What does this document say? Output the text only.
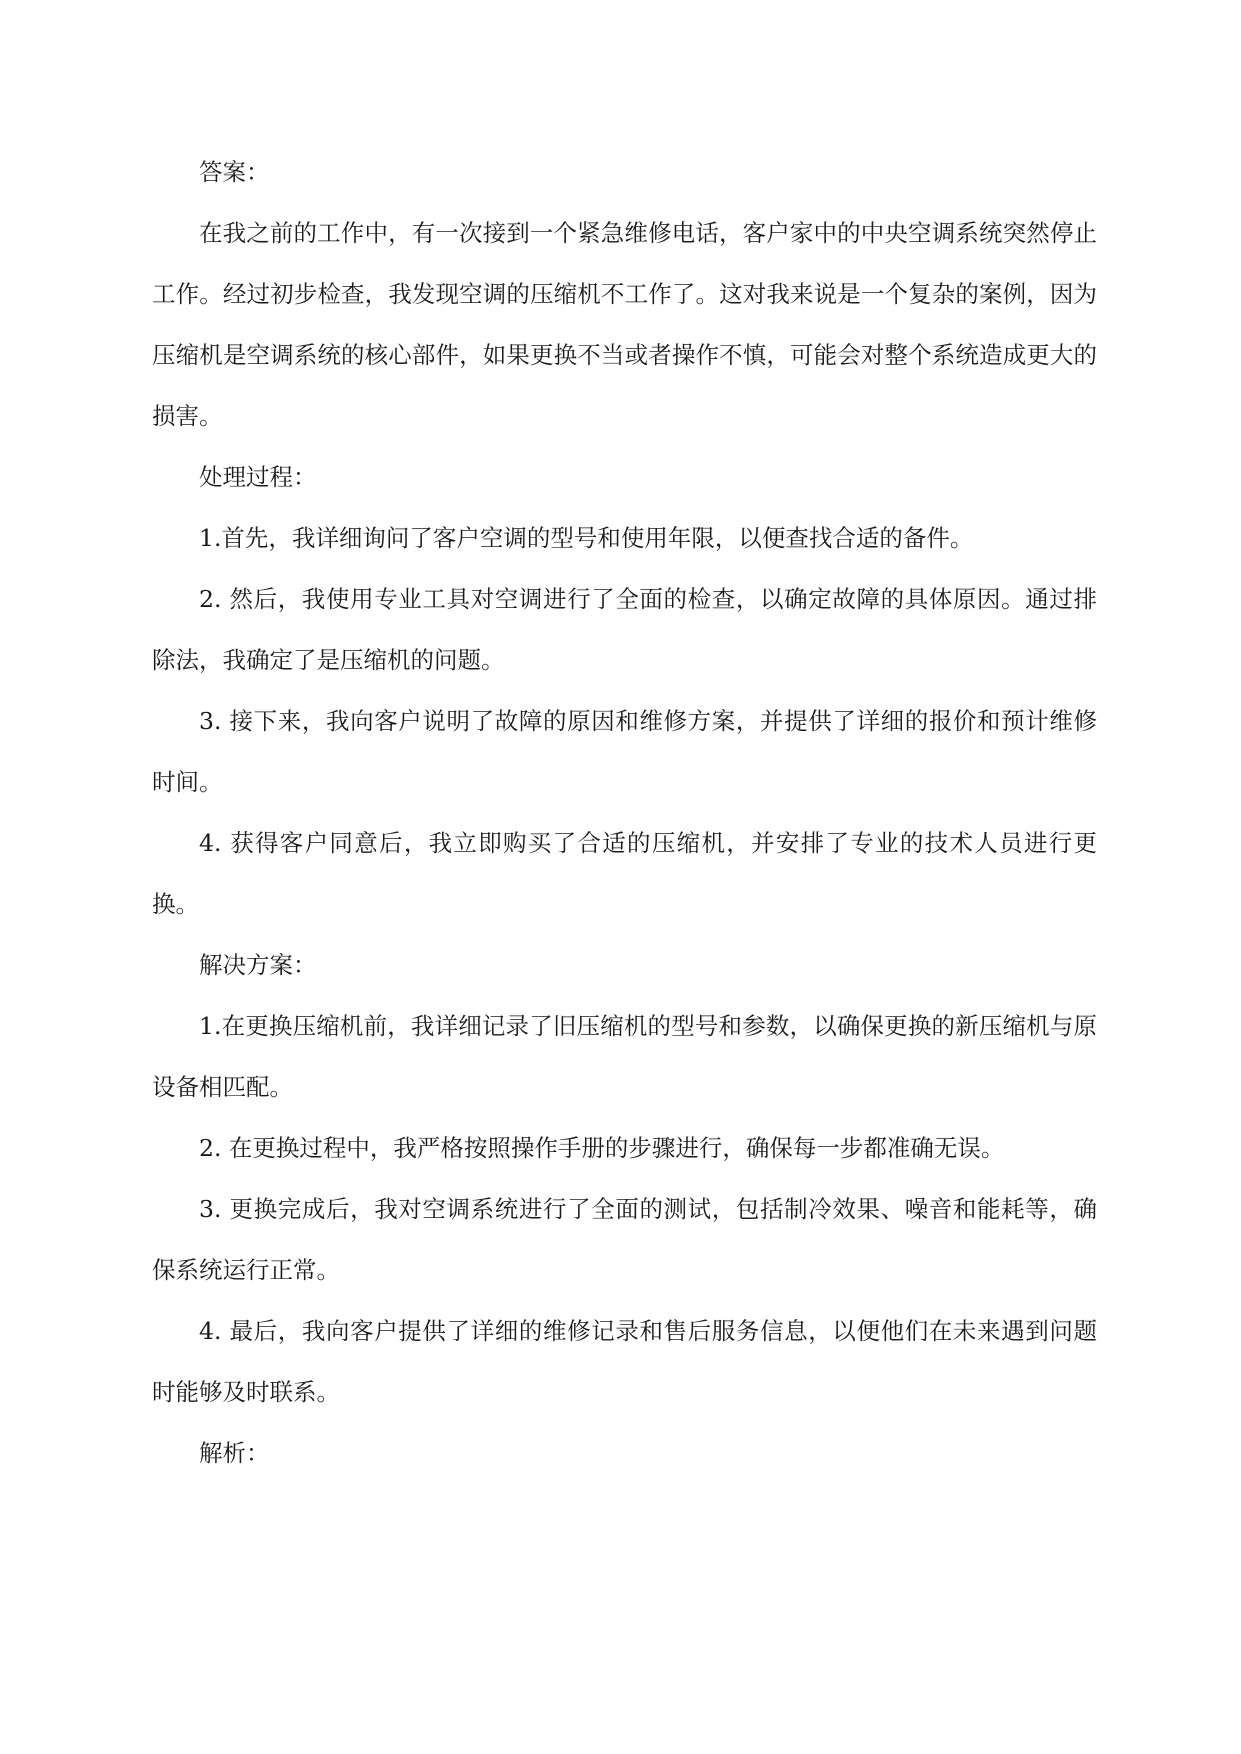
答案：

在我之前的工作中，有一次接到一个紧急维修电话，客户家中的中央空调系统突然停止工作。经过初步检查，我发现空调的压缩机不工作了。这对我来说是一个复杂的案例，因为压缩机是空调系统的核心部件，如果更换不当或者操作不慎，可能会对整个系统造成更大的损害。

处理过程：

1.首先，我详细询问了客户空调的型号和使用年限，以便查找合适的备件。

2. 然后，我使用专业工具对空调进行了全面的检查，以确定故障的具体原因。通过排除法，我确定了是压缩机的问题。

3. 接下来，我向客户说明了故障的原因和维修方案，并提供了详细的报价和预计维修时间。

4. 获得客户同意后，我立即购买了合适的压缩机，并安排了专业的技术人员进行更换。

解决方案：

1.在更换压缩机前，我详细记录了旧压缩机的型号和参数，以确保更换的新压缩机与原设备相匹配。

2. 在更换过程中，我严格按照操作手册的步骤进行，确保每一步都准确无误。

3. 更换完成后，我对空调系统进行了全面的测试，包括制冷效果、噪音和能耗等，确保系统运行正常。

4. 最后，我向客户提供了详细的维修记录和售后服务信息，以便他们在未来遇到问题时能够及时联系。

解析：
